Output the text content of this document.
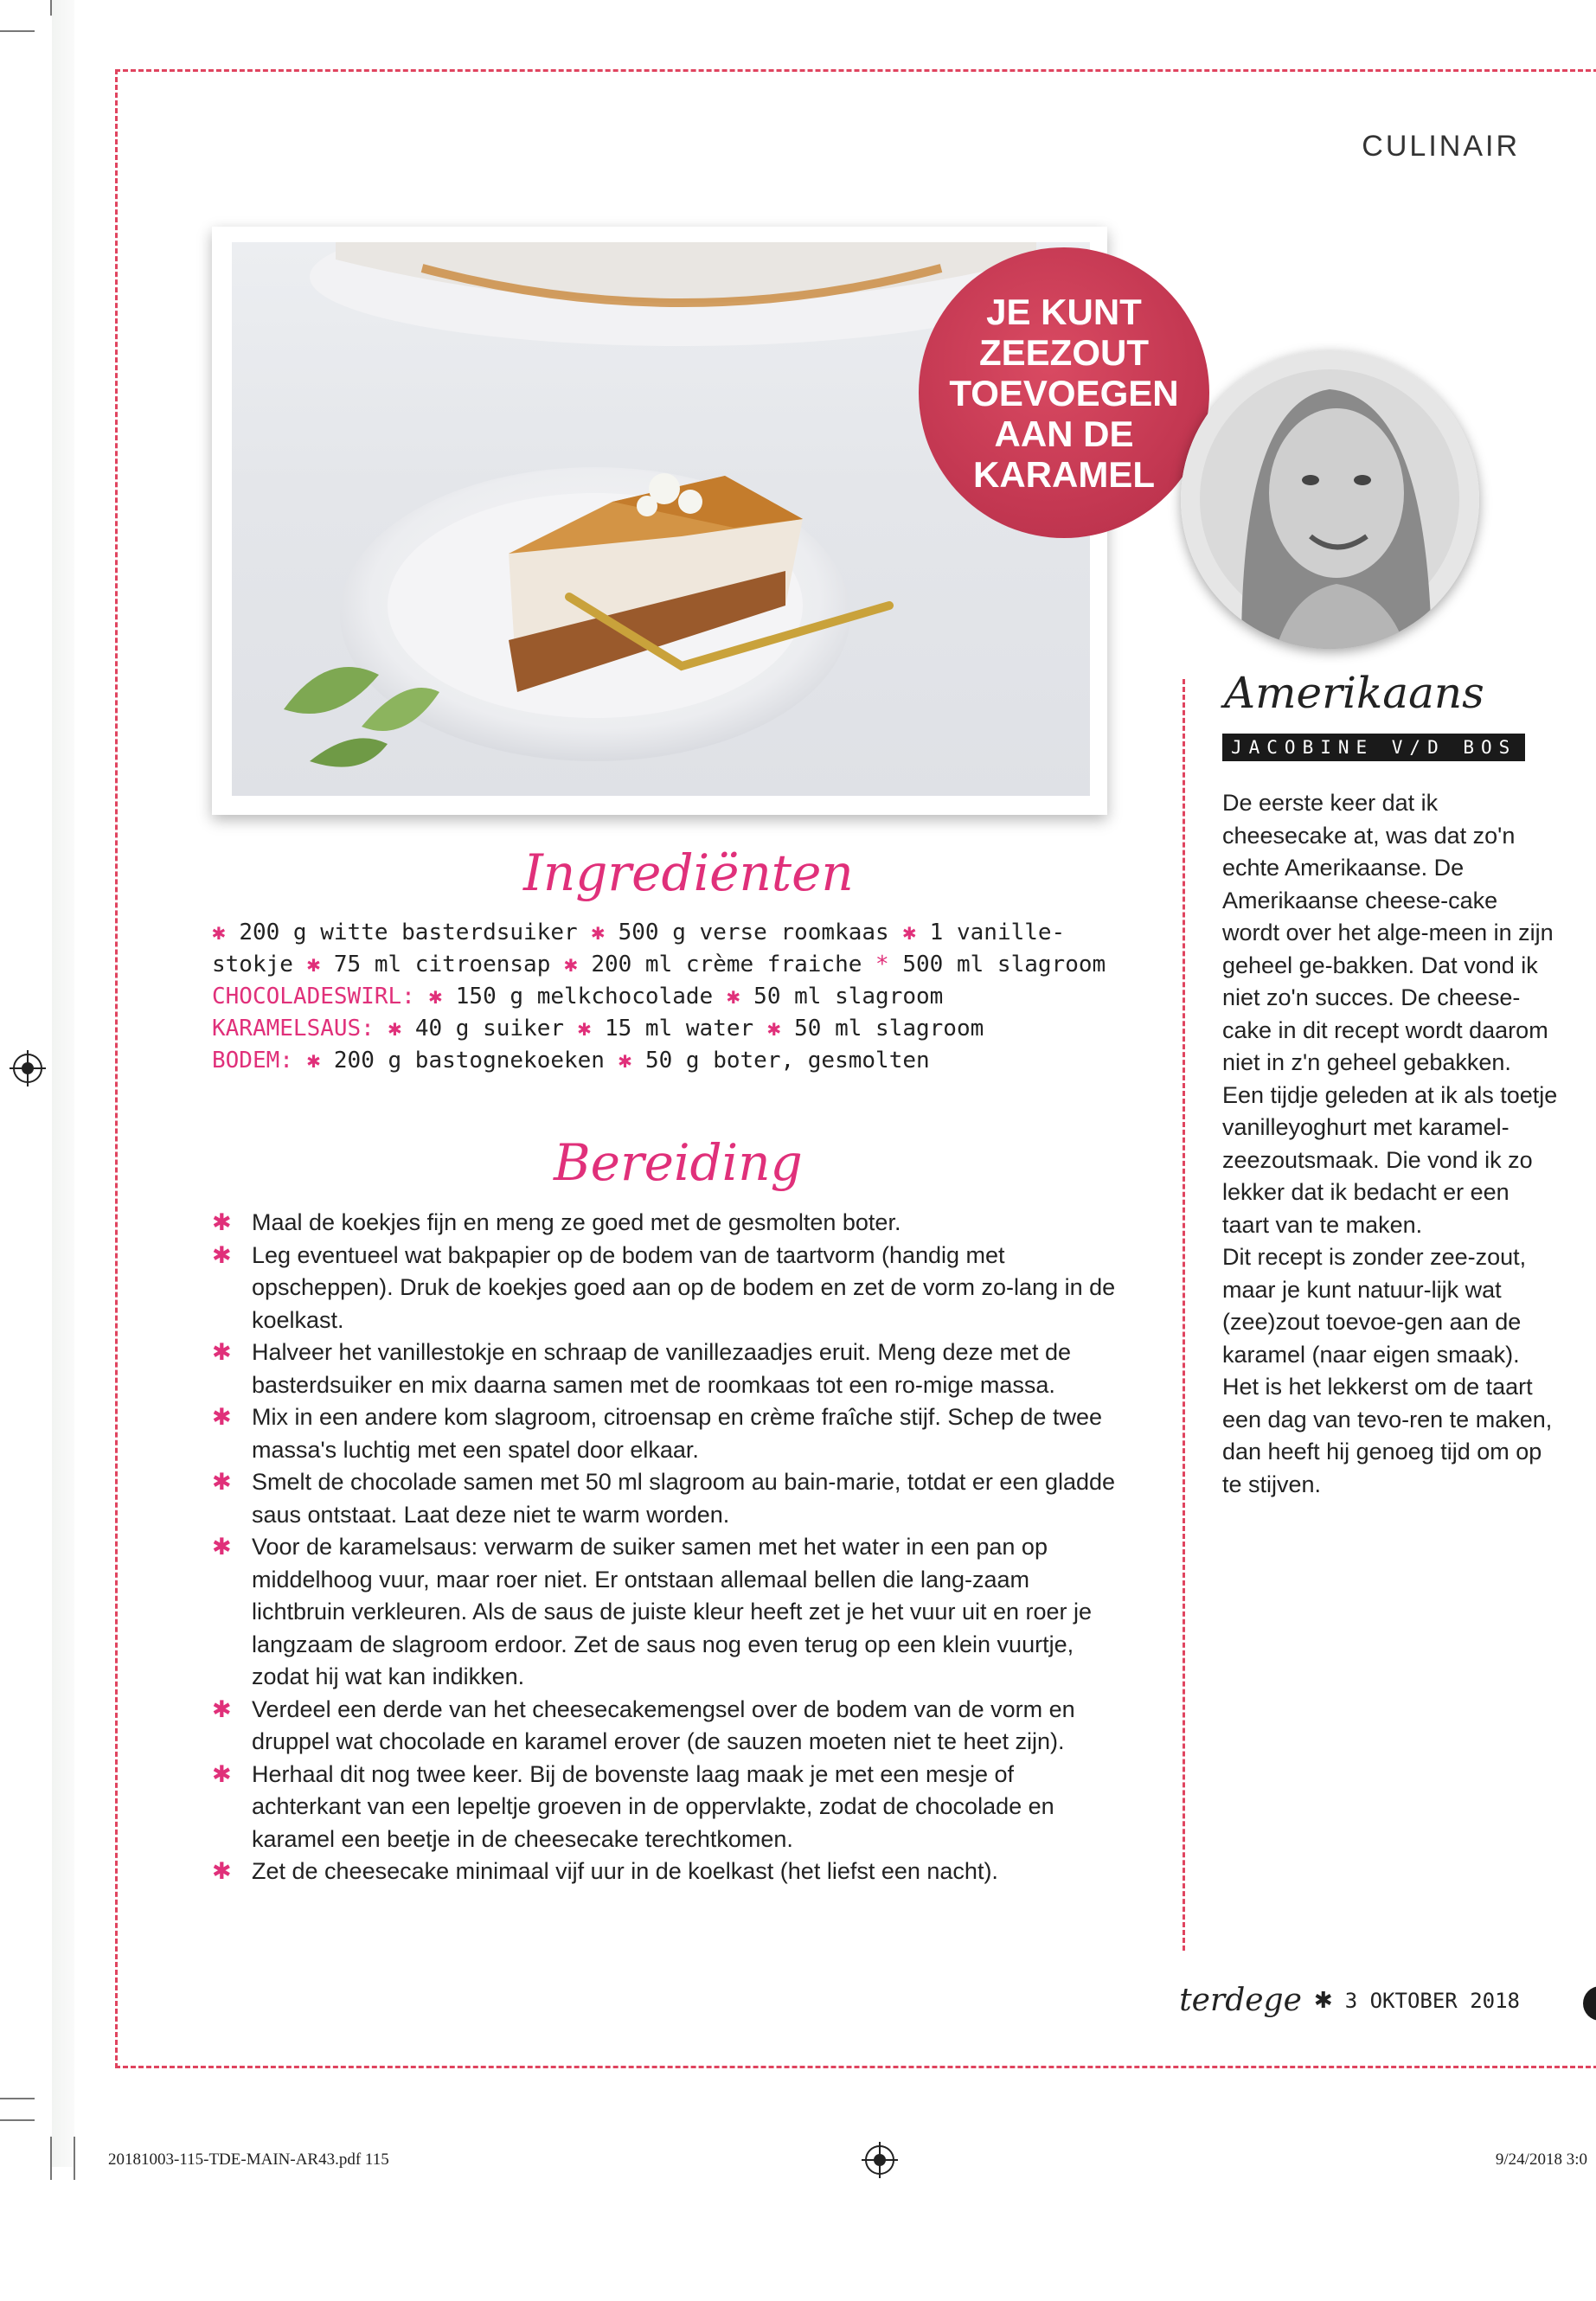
CULINAIR
JE KUNT
ZEEZOUT
TOEVOEGEN
AAN DE
KARAMEL
Ingrediënten
✱ 200 g witte basterdsuiker ✱ 500 g verse roomkaas ✱ 1 vanille-
stokje ✱ 75 ml citroensap ✱ 200 ml crème fraiche * 500 ml slagroom
CHOCOLADESWIRL: ✱ 150 g melkchocolade ✱ 50 ml slagroom
KARAMELSAUS: ✱ 40 g suiker ✱ 15 ml water ✱ 50 ml slagroom
BODEM: ✱ 200 g bastognekoeken ✱ 50 g boter, gesmolten
Bereiding
✱ Maal de koekjes fijn en meng ze goed met de gesmolten boter.
✱ Leg eventueel wat bakpapier op de bodem van de taartvorm (handig met opscheppen). Druk de koekjes goed aan op de bodem en zet de vorm zo-lang in de koelkast.
✱ Halveer het vanillestokje en schraap de vanillezaadjes eruit. Meng deze met de basterdsuiker en mix daarna samen met de roomkaas tot een ro-mige massa.
✱ Mix in een andere kom slagroom, citroensap en crème fraîche stijf. Schep de twee massa's luchtig met een spatel door elkaar.
✱ Smelt de chocolade samen met 50 ml slagroom au bain-marie, totdat er een gladde saus ontstaat. Laat deze niet te warm worden.
✱ Voor de karamelsaus: verwarm de suiker samen met het water in een pan op middelhoog vuur, maar roer niet. Er ontstaan allemaal bellen die lang-zaam lichtbruin verkleuren. Als de saus de juiste kleur heeft zet je het vuur uit en roer je langzaam de slagroom erdoor. Zet de saus nog even terug op een klein vuurtje, zodat hij wat kan indikken.
✱ Verdeel een derde van het cheesecakemengsel over de bodem van de vorm en druppel wat chocolade en karamel erover (de sauzen moeten niet te heet zijn).
✱ Herhaal dit nog twee keer. Bij de bovenste laag maak je met een mesje of achterkant van een lepeltje groeven in de oppervlakte, zodat de chocolade en karamel een beetje in de cheesecake terechtkomen.
✱ Zet de cheesecake minimaal vijf uur in de koelkast (het liefst een nacht).
Amerikaans
JACOBINE V/D BOS
De eerste keer dat ik cheesecake at, was dat zo'n echte Amerikaanse. De Amerikaanse cheese-cake wordt over het alge-meen in zijn geheel ge-bakken. Dat vond ik niet zo'n succes. De cheese-cake in dit recept wordt daarom niet in z'n geheel gebakken.
Een tijdje geleden at ik als toetje vanilleyoghurt met karamel-zeezoutsmaak. Die vond ik zo lekker dat ik bedacht er een taart van te maken.
Dit recept is zonder zee-zout, maar je kunt natuur-lijk wat (zee)zout toevoe-gen aan de karamel (naar eigen smaak).
Het is het lekkerst om de taart een dag van tevo-ren te maken, dan heeft hij genoeg tijd om op te stijven.
terdege ✱ 3 OKTOBER 2018
20181003-115-TDE-MAIN-AR43.pdf 115	9/24/2018 3:0
